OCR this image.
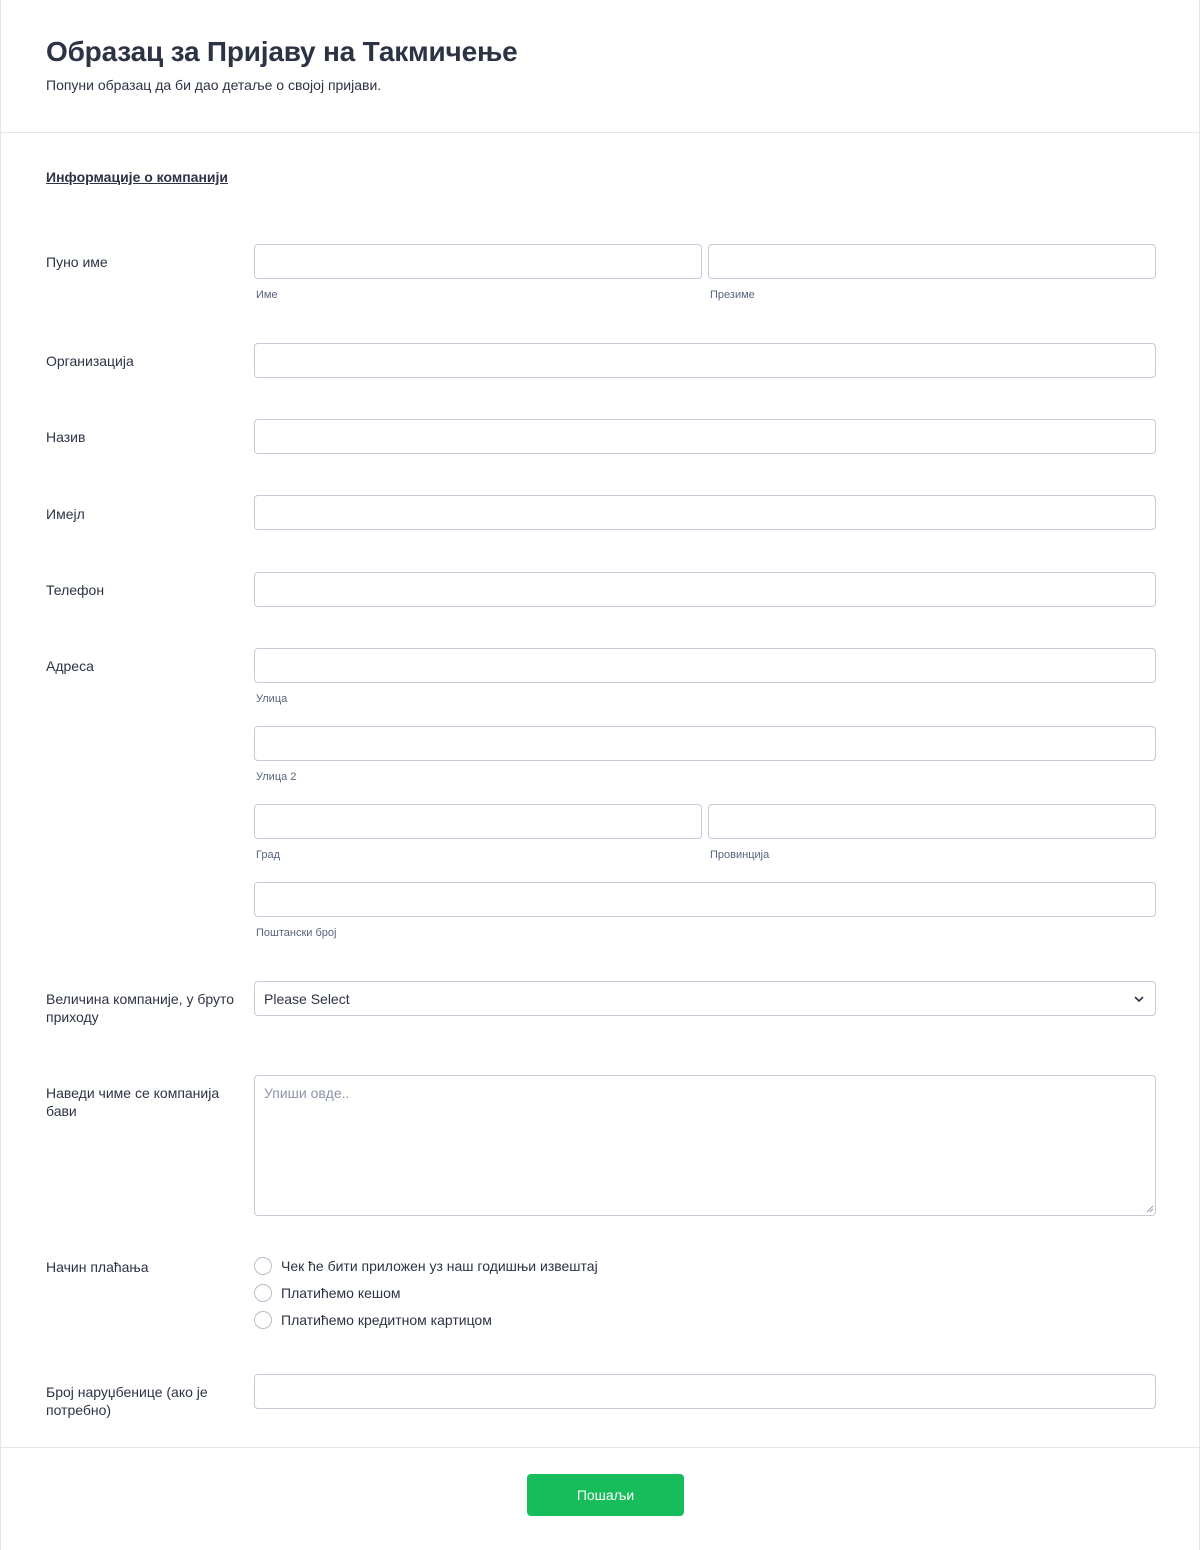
Образац за Пријаву на Такмичење
Попуни образац да би дао детаље о својој пријави.
Информације о компанији
Пуно име
Име	Презиме
Организација
Назив
Имејл
Телефон
Адреса
Улица
Улица 2
Град	Провинција
Поштански број
Величина компаније, у бруто приходу
Please Select
Наведи чиме се компанија бави
Упиши овде..
Начин плаћања	Чек ће бити приложен уз наш годишњи извештај
Платићемо кешом
Платићемо кредитном картицом
Број наруџбенице (ако је потребно)
Пошаљи
